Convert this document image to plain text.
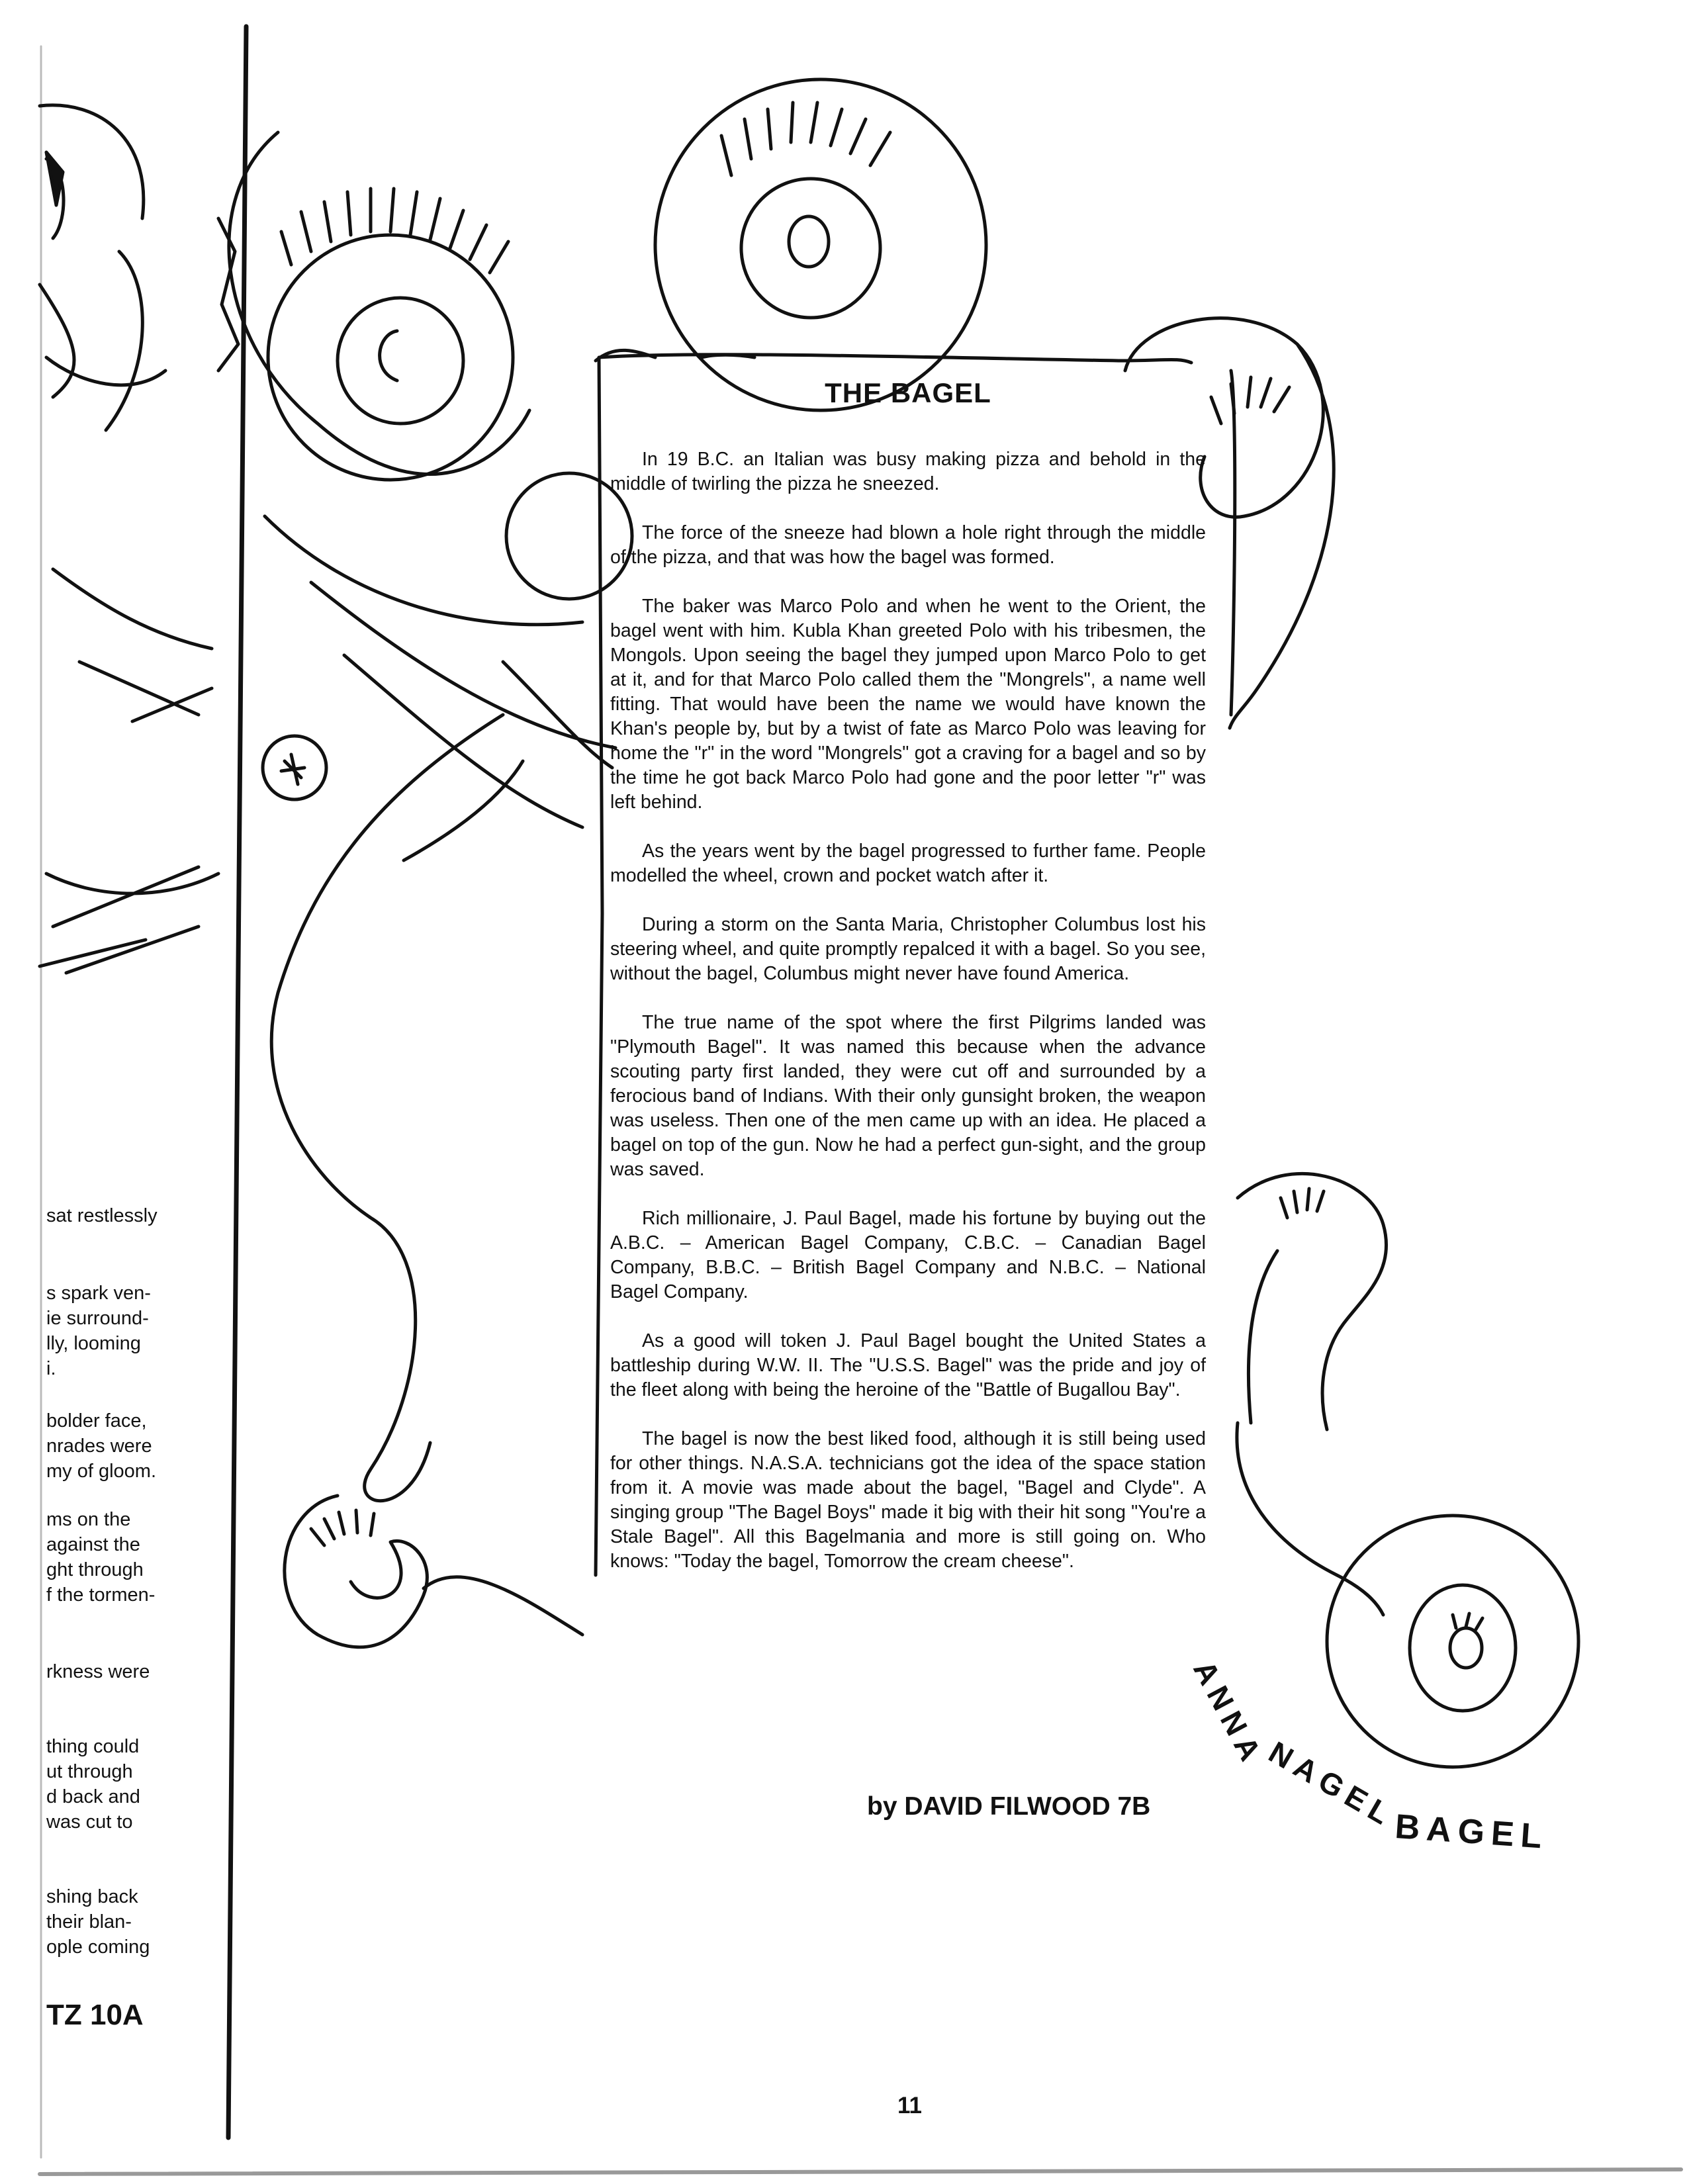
sat restlessly
s spark ven-
ie surround-
lly, looming
i.
bolder face,
nrades were
my of gloom.
ms on the
against the
ght through
f the tormen-
rkness were
thing could
ut through
d back and
was cut to
shing back
their blan-
ople coming
TZ 10A
THE BAGEL

In 19 B.C. an Italian was busy making pizza and behold in the middle of twirling the pizza he sneezed.

The force of the sneeze had blown a hole right through the middle of the pizza, and that was how the bagel was formed.

The baker was Marco Polo and when he went to the Orient, the bagel went with him. Kubla Khan greeted Polo with his tribesmen, the Mongols. Upon seeing the bagel they jumped upon Marco Polo to get at it, and for that Marco Polo called them the "Mongrels", a name well fitting. That would have been the name we would have known the Khan's people by, but by a twist of fate as Marco Polo was leaving for home the "r" in the word "Mongrels" got a craving for a bagel and so by the time he got back Marco Polo had gone and the poor letter "r" was left behind.

As the years went by the bagel progressed to further fame. People modelled the wheel, crown and pocket watch after it.

During a storm on the Santa Maria, Christopher Columbus lost his steering wheel, and quite promptly repalced it with a bagel. So you see, without the bagel, Columbus might never have found America.

The true name of the spot where the first Pilgrims landed was "Plymouth Bagel". It was named this because when the advance scouting party first landed, they were cut off and surrounded by a ferocious band of Indians. With their only gunsight broken, the weapon was useless. Then one of the men came up with an idea. He placed a bagel on top of the gun. Now he had a perfect gun-sight, and the group was saved.

Rich millionaire, J. Paul Bagel, made his fortune by buying out the A.B.C. – American Bagel Company, C.B.C. – Canadian Bagel Company, B.B.C. – British Bagel Company and N.B.C. – National Bagel Company.

As a good will token J. Paul Bagel bought the United States a battleship during W.W. II. The "U.S.S. Bagel" was the pride and joy of the fleet along with being the heroine of the "Battle of Bugallou Bay".

The bagel is now the best liked food, although it is still being used for other things. N.A.S.A. technicians got the idea of the space station from it. A movie was made about the bagel, "Bagel and Clyde". A singing group "The Bagel Boys" made it big with their hit song "You're a Stale Bagel". All this Bagelmania and more is still going on. Who knows: "Today the bagel, Tomorrow the cream cheese".

by DAVID FILWOOD 7B
ANNA
NAGEL
BAGEL
11
